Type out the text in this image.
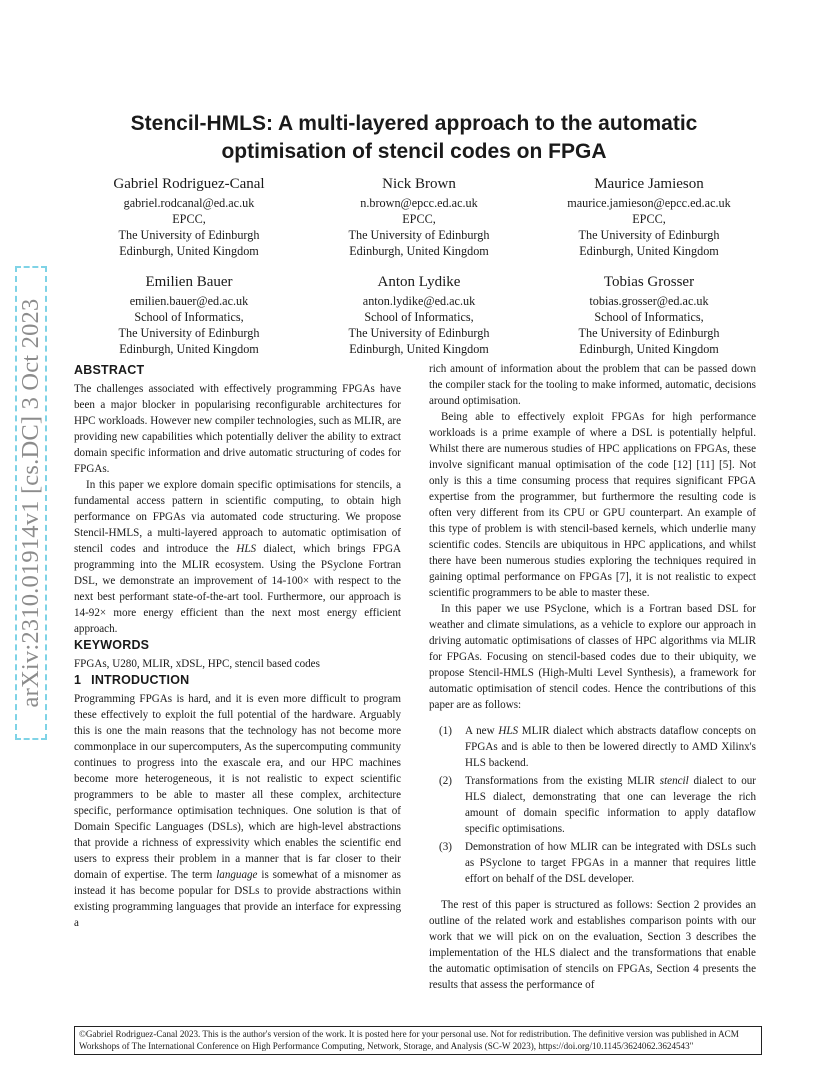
arXiv:2310.01914v1 [cs.DC] 3 Oct 2023
Stencil-HMLS: A multi-layered approach to the automatic optimisation of stencil codes on FPGA
Gabriel Rodriguez-Canal
gabriel.rodcanal@ed.ac.uk
EPCC,
The University of Edinburgh
Edinburgh, United Kingdom
Nick Brown
n.brown@epcc.ed.ac.uk
EPCC,
The University of Edinburgh
Edinburgh, United Kingdom
Maurice Jamieson
maurice.jamieson@epcc.ed.ac.uk
EPCC,
The University of Edinburgh
Edinburgh, United Kingdom
Emilien Bauer
emilien.bauer@ed.ac.uk
School of Informatics,
The University of Edinburgh
Edinburgh, United Kingdom
Anton Lydike
anton.lydike@ed.ac.uk
School of Informatics,
The University of Edinburgh
Edinburgh, United Kingdom
Tobias Grosser
tobias.grosser@ed.ac.uk
School of Informatics,
The University of Edinburgh
Edinburgh, United Kingdom
ABSTRACT

The challenges associated with effectively programming FPGAs have been a major blocker in popularising reconfigurable architectures for HPC workloads. However new compiler technologies, such as MLIR, are providing new capabilities which potentially deliver the ability to extract domain specific information and drive automatic structuring of codes for FPGAs.

In this paper we explore domain specific optimisations for stencils, a fundamental access pattern in scientific computing, to obtain high performance on FPGAs via automated code structuring. We propose Stencil-HMLS, a multi-layered approach to automatic optimisation of stencil codes and introduce the HLS dialect, which brings FPGA programming into the MLIR ecosystem. Using the PSyclone Fortran DSL, we demonstrate an improvement of 14-100× with respect to the next best performant state-of-the-art tool. Furthermore, our approach is 14-92× more energy efficient than the next most energy efficient approach.

KEYWORDS

FPGAs, U280, MLIR, xDSL, HPC, stencil based codes

1 INTRODUCTION

Programming FPGAs is hard, and it is even more difficult to program these effectively to exploit the full potential of the hardware. Arguably this is one the main reasons that the technology has not become more commonplace in our supercomputers, As the supercomputing community continues to progress into the exascale era, and our HPC machines become more heterogeneous, it is not realistic to expect scientific programmers to be able to master all these complex, architecture specific, performance optimisation techniques. One solution is that of Domain Specific Languages (DSLs), which are high-level abstractions that provide a richness of expressivity which enables the scientific end users to express their problem in a manner that is far closer to their domain of expertise. The term language is somewhat of a misnomer as instead it has become popular for DSLs to provide abstractions within existing programming languages that provide an interface for expressing a

rich amount of information about the problem that can be passed down the compiler stack for the tooling to make informed, automatic, decisions around optimisation.

Being able to effectively exploit FPGAs for high performance workloads is a prime example of where a DSL is potentially helpful. Whilst there are numerous studies of HPC applications on FPGAs, these involve significant manual optimisation of the code [12] [11] [5]. Not only is this a time consuming process that requires significant FPGA expertise from the programmer, but furthermore the resulting code is often very different from its CPU or GPU counterpart. An example of this type of problem is with stencil-based kernels, which underlie many scientific codes. Stencils are ubiquitous in HPC applications, and whilst there have been numerous studies exploring the techniques required in gaining optimal performance on FPGAs [7], it is not realistic to expect scientific programmers to be able to master these.

In this paper we use PSyclone, which is a Fortran based DSL for weather and climate simulations, as a vehicle to explore our approach in driving automatic optimisations of classes of HPC algorithms via MLIR for FPGAs. Focusing on stencil-based codes due to their ubiquity, we propose Stencil-HMLS (High-Multi Level Synthesis), a framework for automatic optimisation of stencil codes. Hence the contributions of this paper are as follows:

1. (1) A new HLS MLIR dialect which abstracts dataflow concepts on FPGAs and is able to then be lowered directly to AMD Xilinx's HLS backend.
2. (2) Transformations from the existing MLIR stencil dialect to our HLS dialect, demonstrating that one can leverage the rich amount of domain specific information to apply dataflow specific optimisations.
3. (3) Demonstration of how MLIR can be integrated with DSLs such as PSyclone to target FPGAs in a manner that requires little effort on behalf of the DSL developer.

The rest of this paper is structured as follows: Section 2 provides an outline of the related work and establishes comparison points with our work that we will pick on on the evaluation, Section 3 describes the implementation of the HLS dialect and the transformations that enable the automatic optimisation of stencils on FPGAs, Section 4 presents the results that assess the performance of

©Gabriel Rodriguez-Canal 2023. This is the author's version of the work. It is posted here for your personal use. Not for redistribution. The definitive version was published in ACM Workshops of The International Conference on High Performance Computing, Network, Storage, and Analysis (SC-W 2023), https://doi.org/10.1145/3624062.3624543"
